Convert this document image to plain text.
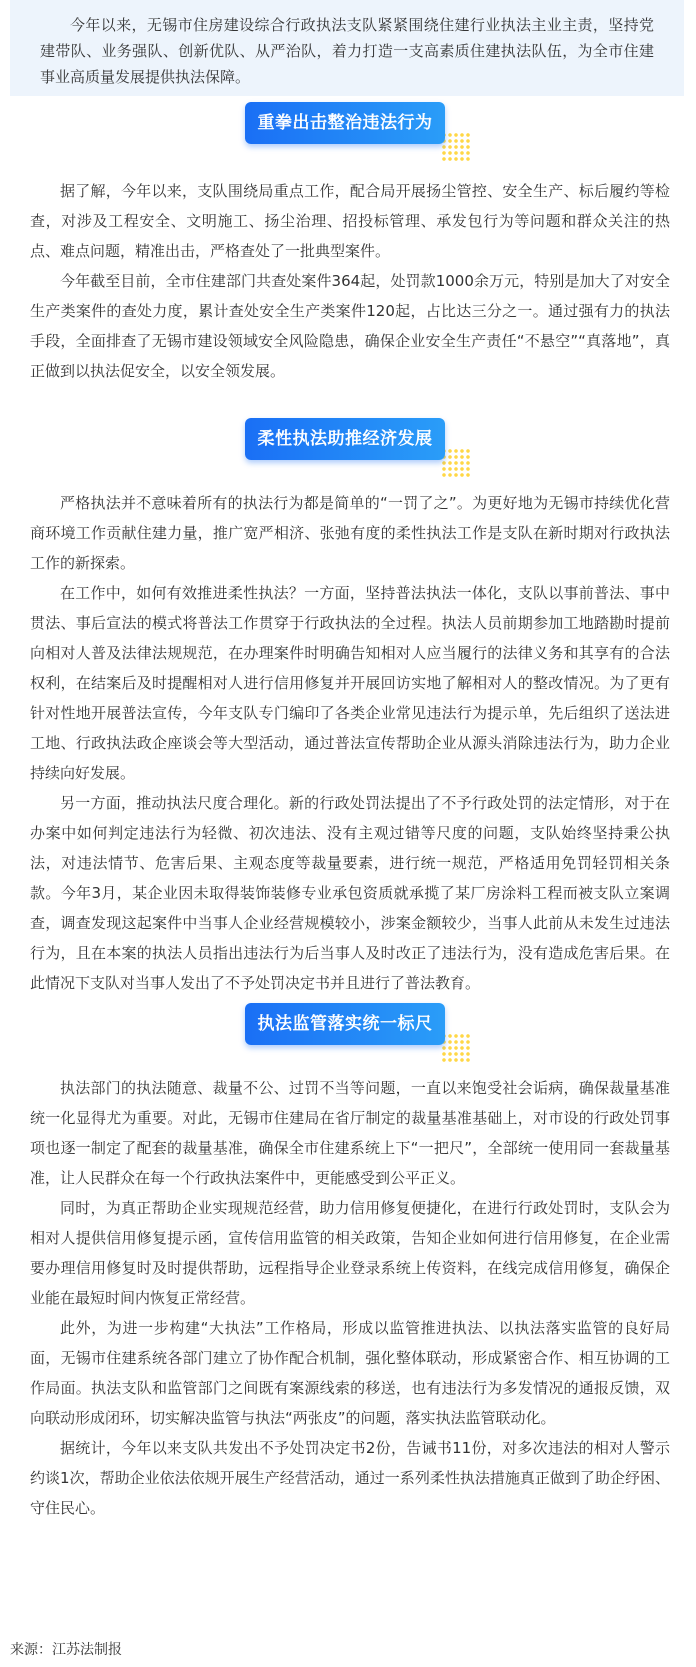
今年以来，无锡市住房建设综合行政执法支队紧紧围绕住建行业执法主业主责，坚持党建带队、业务强队、创新优队、从严治队，着力打造一支高素质住建执法队伍，为全市住建事业高质量发展提供执法保障。
重拳出击整治违法行为

据了解，今年以来，支队围绕局重点工作，配合局开展扬尘管控、安全生产、标后履约等检查，对涉及工程安全、文明施工、扬尘治理、招投标管理、承发包行为等问题和群众关注的热点、难点问题，精准出击，严格查处了一批典型案件。

今年截至目前，全市住建部门共查处案件364起，处罚款1000余万元，特别是加大了对安全生产类案件的查处力度，累计查处安全生产类案件120起，占比达三分之一。通过强有力的执法手段，全面排查了无锡市建设领域安全风险隐患，确保企业安全生产责任“不悬空”“真落地”，真正做到以执法促安全，以安全领发展。

柔性执法助推经济发展

严格执法并不意味着所有的执法行为都是简单的“一罚了之”。为更好地为无锡市持续优化营商环境工作贡献住建力量，推广宽严相济、张弛有度的柔性执法工作是支队在新时期对行政执法工作的新探索。

在工作中，如何有效推进柔性执法？一方面，坚持普法执法一体化，支队以事前普法、事中贯法、事后宣法的模式将普法工作贯穿于行政执法的全过程。执法人员前期参加工地踏勘时提前向相对人普及法律法规规范，在办理案件时明确告知相对人应当履行的法律义务和其享有的合法权利，在结案后及时提醒相对人进行信用修复并开展回访实地了解相对人的整改情况。为了更有针对性地开展普法宣传，今年支队专门编印了各类企业常见违法行为提示单，先后组织了送法进工地、行政执法政企座谈会等大型活动，通过普法宣传帮助企业从源头消除违法行为，助力企业持续向好发展。

另一方面，推动执法尺度合理化。新的行政处罚法提出了不予行政处罚的法定情形，对于在办案中如何判定违法行为轻微、初次违法、没有主观过错等尺度的问题，支队始终坚持秉公执法，对违法情节、危害后果、主观态度等裁量要素，进行统一规范，严格适用免罚轻罚相关条款。今年3月，某企业因未取得装饰装修专业承包资质就承揽了某厂房涂料工程而被支队立案调查，调查发现这起案件中当事人企业经营规模较小，涉案金额较少，当事人此前从未发生过违法行为，且在本案的执法人员指出违法行为后当事人及时改正了违法行为，没有造成危害后果。在此情况下支队对当事人发出了不予处罚决定书并且进行了普法教育。

执法监管落实统一标尺

执法部门的执法随意、裁量不公、过罚不当等问题，一直以来饱受社会诟病，确保裁量基准统一化显得尤为重要。对此，无锡市住建局在省厅制定的裁量基准基础上，对市设的行政处罚事项也逐一制定了配套的裁量基准，确保全市住建系统上下“一把尺”，全部统一使用同一套裁量基准，让人民群众在每一个行政执法案件中，更能感受到公平正义。

同时，为真正帮助企业实现规范经营，助力信用修复便捷化，在进行行政处罚时，支队会为相对人提供信用修复提示函，宣传信用监管的相关政策，告知企业如何进行信用修复，在企业需要办理信用修复时及时提供帮助，远程指导企业登录系统上传资料，在线完成信用修复，确保企业能在最短时间内恢复正常经营。

此外，为进一步构建“大执法”工作格局，形成以监管推进执法、以执法落实监管的良好局面，无锡市住建系统各部门建立了协作配合机制，强化整体联动，形成紧密合作、相互协调的工作局面。执法支队和监管部门之间既有案源线索的移送，也有违法行为多发情况的通报反馈，双向联动形成闭环，切实解决监管与执法“两张皮”的问题，落实执法监管联动化。

据统计，今年以来支队共发出不予处罚决定书2份，告诫书11份，对多次违法的相对人警示约谈1次，帮助企业依法依规开展生产经营活动，通过一系列柔性执法措施真正做到了助企纾困、守住民心。

来源：江苏法制报
